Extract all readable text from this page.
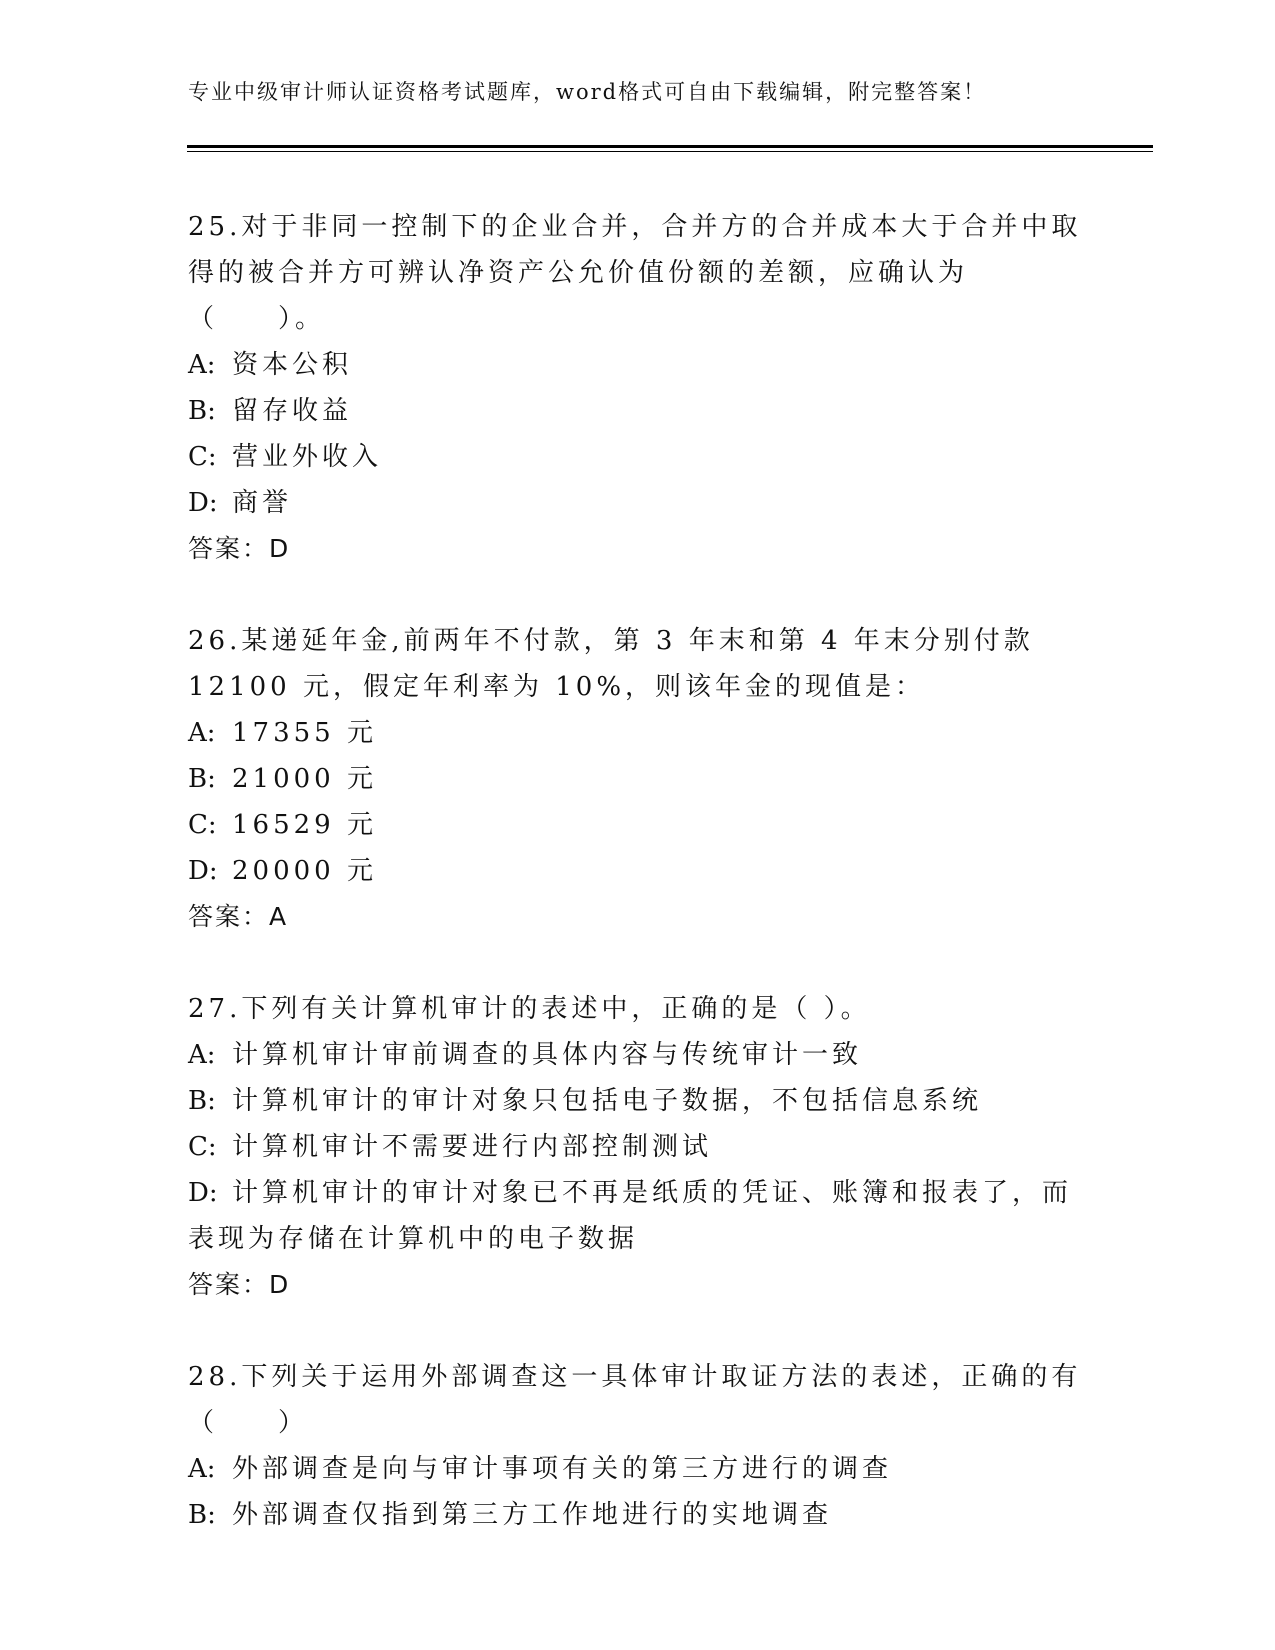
专业中级审计师认证资格考试题库，word格式可自由下载编辑，附完整答案！
25.对于非同一控制下的企业合并，合并方的合并成本大于合并中取得的被合并方可辨认净资产公允价值份额的差额，应确认为（　　）。
A: 资本公积
B: 留存收益
C: 营业外收入
D: 商誉
答案：D
26.某递延年金,前两年不付款，第 3 年末和第 4 年末分别付款 12100 元，假定年利率为 10%，则该年金的现值是：
A: 17355 元
B: 21000 元
C: 16529 元
D: 20000 元
答案：A
27.下列有关计算机审计的表述中，正确的是（ ）。
A: 计算机审计审前调查的具体内容与传统审计一致
B: 计算机审计的审计对象只包括电子数据，不包括信息系统
C: 计算机审计不需要进行内部控制测试
D: 计算机审计的审计对象已不再是纸质的凭证、账簿和报表了，而表现为存储在计算机中的电子数据
答案：D
28.下列关于运用外部调查这一具体审计取证方法的表述，正确的有（　　）
A: 外部调查是向与审计事项有关的第三方进行的调查
B: 外部调查仅指到第三方工作地进行的实地调查
